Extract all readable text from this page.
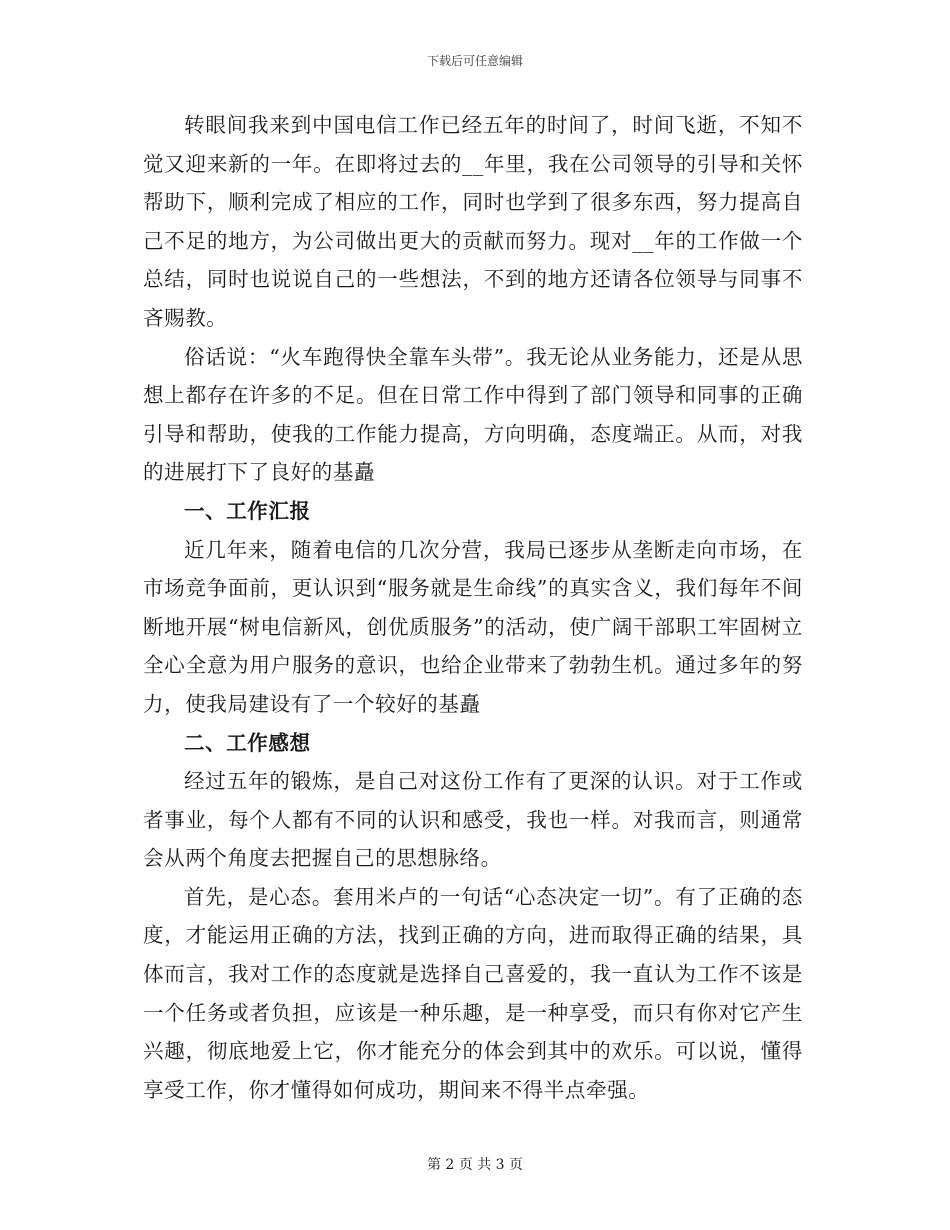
下载后可任意编辑

转眼间我来到中国电信工作已经五年的时间了，时间飞逝，不知不觉又迎来新的一年。在即将过去的__年里，我在公司领导的引导和关怀帮助下，顺利完成了相应的工作，同时也学到了很多东西，努力提高自己不足的地方，为公司做出更大的贡献而努力。现对__年的工作做一个总结，同时也说说自己的一些想法，不到的地方还请各位领导与同事不吝赐教。

俗话说：“火车跑得快全靠车头带”。我无论从业务能力，还是从思想上都存在许多的不足。但在日常工作中得到了部门领导和同事的正确引导和帮助，使我的工作能力提高，方向明确，态度端正。从而，对我的进展打下了良好的基矗

一、工作汇报

近几年来，随着电信的几次分营，我局已逐步从垄断走向市场，在市场竞争面前，更认识到“服务就是生命线”的真实含义，我们每年不间断地开展“树电信新风，创优质服务”的活动，使广阔干部职工牢固树立全心全意为用户服务的意识，也给企业带来了勃勃生机。通过多年的努力，使我局建设有了一个较好的基矗

二、工作感想

经过五年的锻炼，是自己对这份工作有了更深的认识。对于工作或者事业，每个人都有不同的认识和感受，我也一样。对我而言，则通常会从两个角度去把握自己的思想脉络。

首先，是心态。套用米卢的一句话“心态决定一切”。有了正确的态度，才能运用正确的方法，找到正确的方向，进而取得正确的结果，具体而言，我对工作的态度就是选择自己喜爱的，我一直认为工作不该是一个任务或者负担，应该是一种乐趣，是一种享受，而只有你对它产生兴趣，彻底地爱上它，你才能充分的体会到其中的欢乐。可以说，懂得享受工作，你才懂得如何成功，期间来不得半点牵强。

第 2 页 共 3 页
